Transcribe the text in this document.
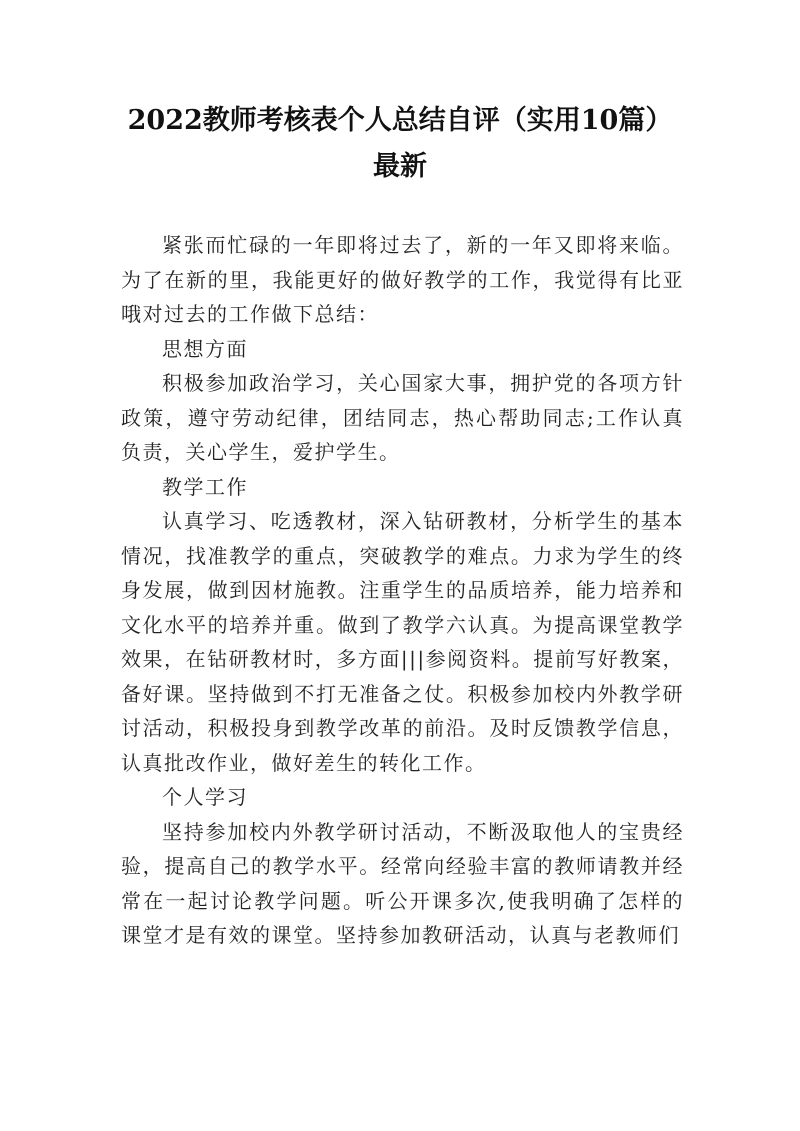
2022教师考核表个人总结自评（实用10篇）
最新

紧张而忙碌的一年即将过去了，新的一年又即将来临。为了在新的里，我能更好的做好教学的工作，我觉得有比亚哦对过去的工作做下总结：

思想方面

积极参加政治学习，关心国家大事，拥护党的各项方针政策，遵守劳动纪律，团结同志，热心帮助同志;工作认真负责，关心学生，爱护学生。

教学工作

认真学习、吃透教材，深入钻研教材，分析学生的基本情况，找准教学的重点，突破教学的难点。力求为学生的终身发展，做到因材施教。注重学生的品质培养，能力培养和文化水平的培养并重。做到了教学六认真。为提高课堂教学效果，在钻研教材时，多方面|||参阅资料。提前写好教案，备好课。坚持做到不打无准备之仗。积极参加校内外教学研讨活动，积极投身到教学改革的前沿。及时反馈教学信息，认真批改作业，做好差生的转化工作。

个人学习

坚持参加校内外教学研讨活动，不断汲取他人的宝贵经验，提高自己的教学水平。经常向经验丰富的教师请教并经常在一起讨论教学问题。听公开课多次,使我明确了怎样的课堂才是有效的课堂。坚持参加教研活动，认真与老教师们
